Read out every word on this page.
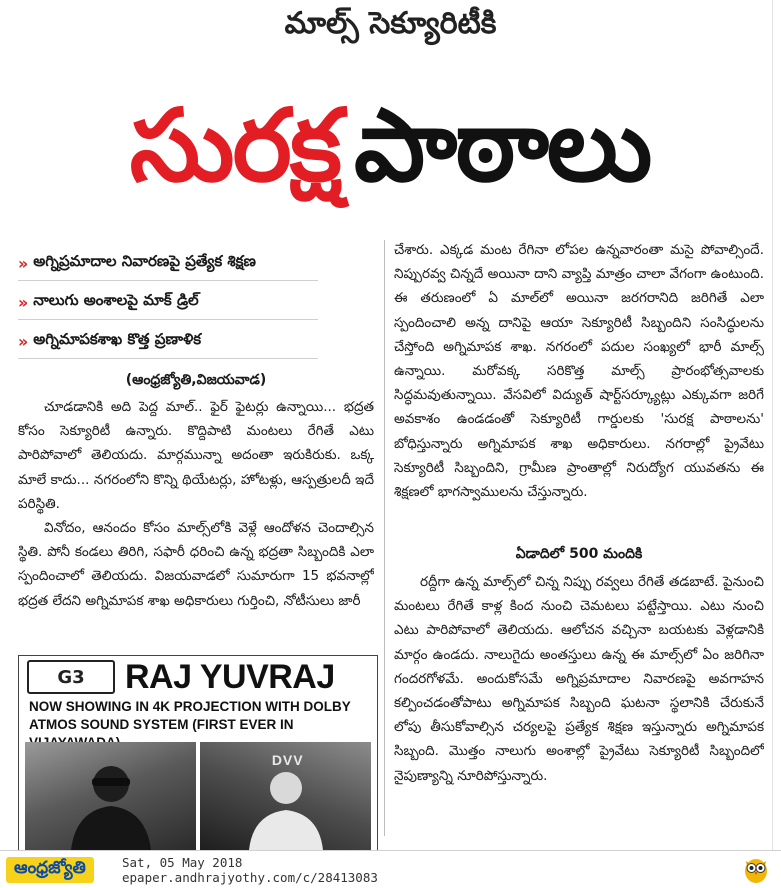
మాల్స్ సెక్యూరిటీకి
సురక్ష పాఠాలు
›› అగ్నిప్రమాదాల నివారణపై ప్రత్యేక శిక్షణ
›› నాలుగు అంశాలపై మాక్ డ్రిల్
›› అగ్నిమాపకశాఖ కొత్త ప్రణాళిక
(ఆంధ్రజ్యోతి,విజయవాడ)

చూడడానికి అది పెద్ద మాల్.. ఫైర్ ఫైటర్లు ఉన్నాయి... భద్రత కోసం సెక్యూరిటీ ఉన్నారు. కొద్దిపాటి మంటలు రేగితే ఎటు పారిపోవాలో తెలియదు. మార్గమున్నా అదంతా ఇరుకిరుకు. ఒక్క మాలే కాదు... నగరంలోని కొన్ని థియేటర్లు, హోటళ్లు, ఆస్పత్రులదీ ఇదే పరిస్థితి.

వినోదం, ఆనందం కోసం మాల్స్‌లోకి వెళ్లే ఆందోళన చెందాల్సిన స్థితి. పోనీ కండలు తిరిగి, సఫారీ ధరించి ఉన్న భద్రతా సిబ్బందికి ఎలా స్పందించాలో తెలియదు. విజయవాడలో సుమారుగా 15 భవనాల్లో భద్రత లేదని అగ్నిమాపక శాఖ అధికారులు గుర్తించి, నోటీసులు జారీ

చేశారు. ఎక్కడ మంట రేగినా లోపల ఉన్నవారంతా మసై పోవాల్సిందే. నిప్పురవ్వ చిన్నదే అయినా దాని వ్యాప్తి మాత్రం చాలా వేగంగా ఉంటుంది. ఈ తరుణంలో ఏ మాల్‌లో అయినా జరగరానిది జరిగితే ఎలా స్పందించాలి అన్న దానిపై ఆయా సెక్యూరిటీ సిబ్బందిని సంసిద్ధులను చేస్తోంది అగ్నిమాపక శాఖ. నగరంలో పదుల సంఖ్యలో భారీ మాల్స్ ఉన్నాయి. మరోవక్క సరికొత్త మాల్స్ ప్రారంభోత్సవాలకు సిద్ధమవుతున్నాయి. వేసవిలో విద్యుత్ షార్ట్‌సర్క్యూట్లు ఎక్కువగా జరిగే అవకాశం ఉండడంతో సెక్యూరిటీ గార్డులకు 'సురక్ష పాఠాలను' బోధిస్తున్నారు అగ్నిమాపక శాఖ అధికారులు. నగరాల్లో ప్రైవేటు సెక్యూరిటీ సిబ్బందిని, గ్రామీణ ప్రాంతాల్లో నిరుద్యోగ యువతను ఈ శిక్షణలో భాగస్వాములను చేస్తున్నారు.

ఏడాదిలో 500 మందికి

రద్దీగా ఉన్న మాల్స్‌లో చిన్న నిప్పు రవ్వలు రేగితే తడబాటే. పైనుంచి మంటలు రేగితే కాళ్ల కింద నుంచి చెమటలు పట్టేస్తాయి. ఎటు నుంచి ఎటు పారిపోవాలో తెలియదు. ఆలోచన వచ్చినా బయటకు వెళ్లడానికి మార్గం ఉండదు. నాలుగైదు అంతస్తులు ఉన్న ఈ మాల్స్‌లో ఏం జరిగినా గందరగోళమే. అందుకోసమే అగ్నిప్రమాదాల నివారణపై అవగాహన కల్పించడంతోపాటు అగ్నిమాపక సిబ్బంది ఘటనా స్థలానికి చేరుకునే లోపు తీసుకోవాల్సిన చర్యలపై ప్రత్యేక శిక్షణ ఇస్తున్నారు అగ్నిమాపక సిబ్బంది. మొత్తం నాలుగు అంశాల్లో ప్రైవేటు సెక్యూరిటీ సిబ్బందిలో నైపుణ్యాన్ని నూరిపోస్తున్నారు.

G3 RAJ YUVRAJ
NOW SHOWING IN 4K PROJECTION WITH DOLBY ATMOS SOUND SYSTEM (FIRST EVER IN
DVV
ఆంధ్రజ్యోతి	Sat, 05 May 2018
epaper.andhrajyothy.com/c/28413083
